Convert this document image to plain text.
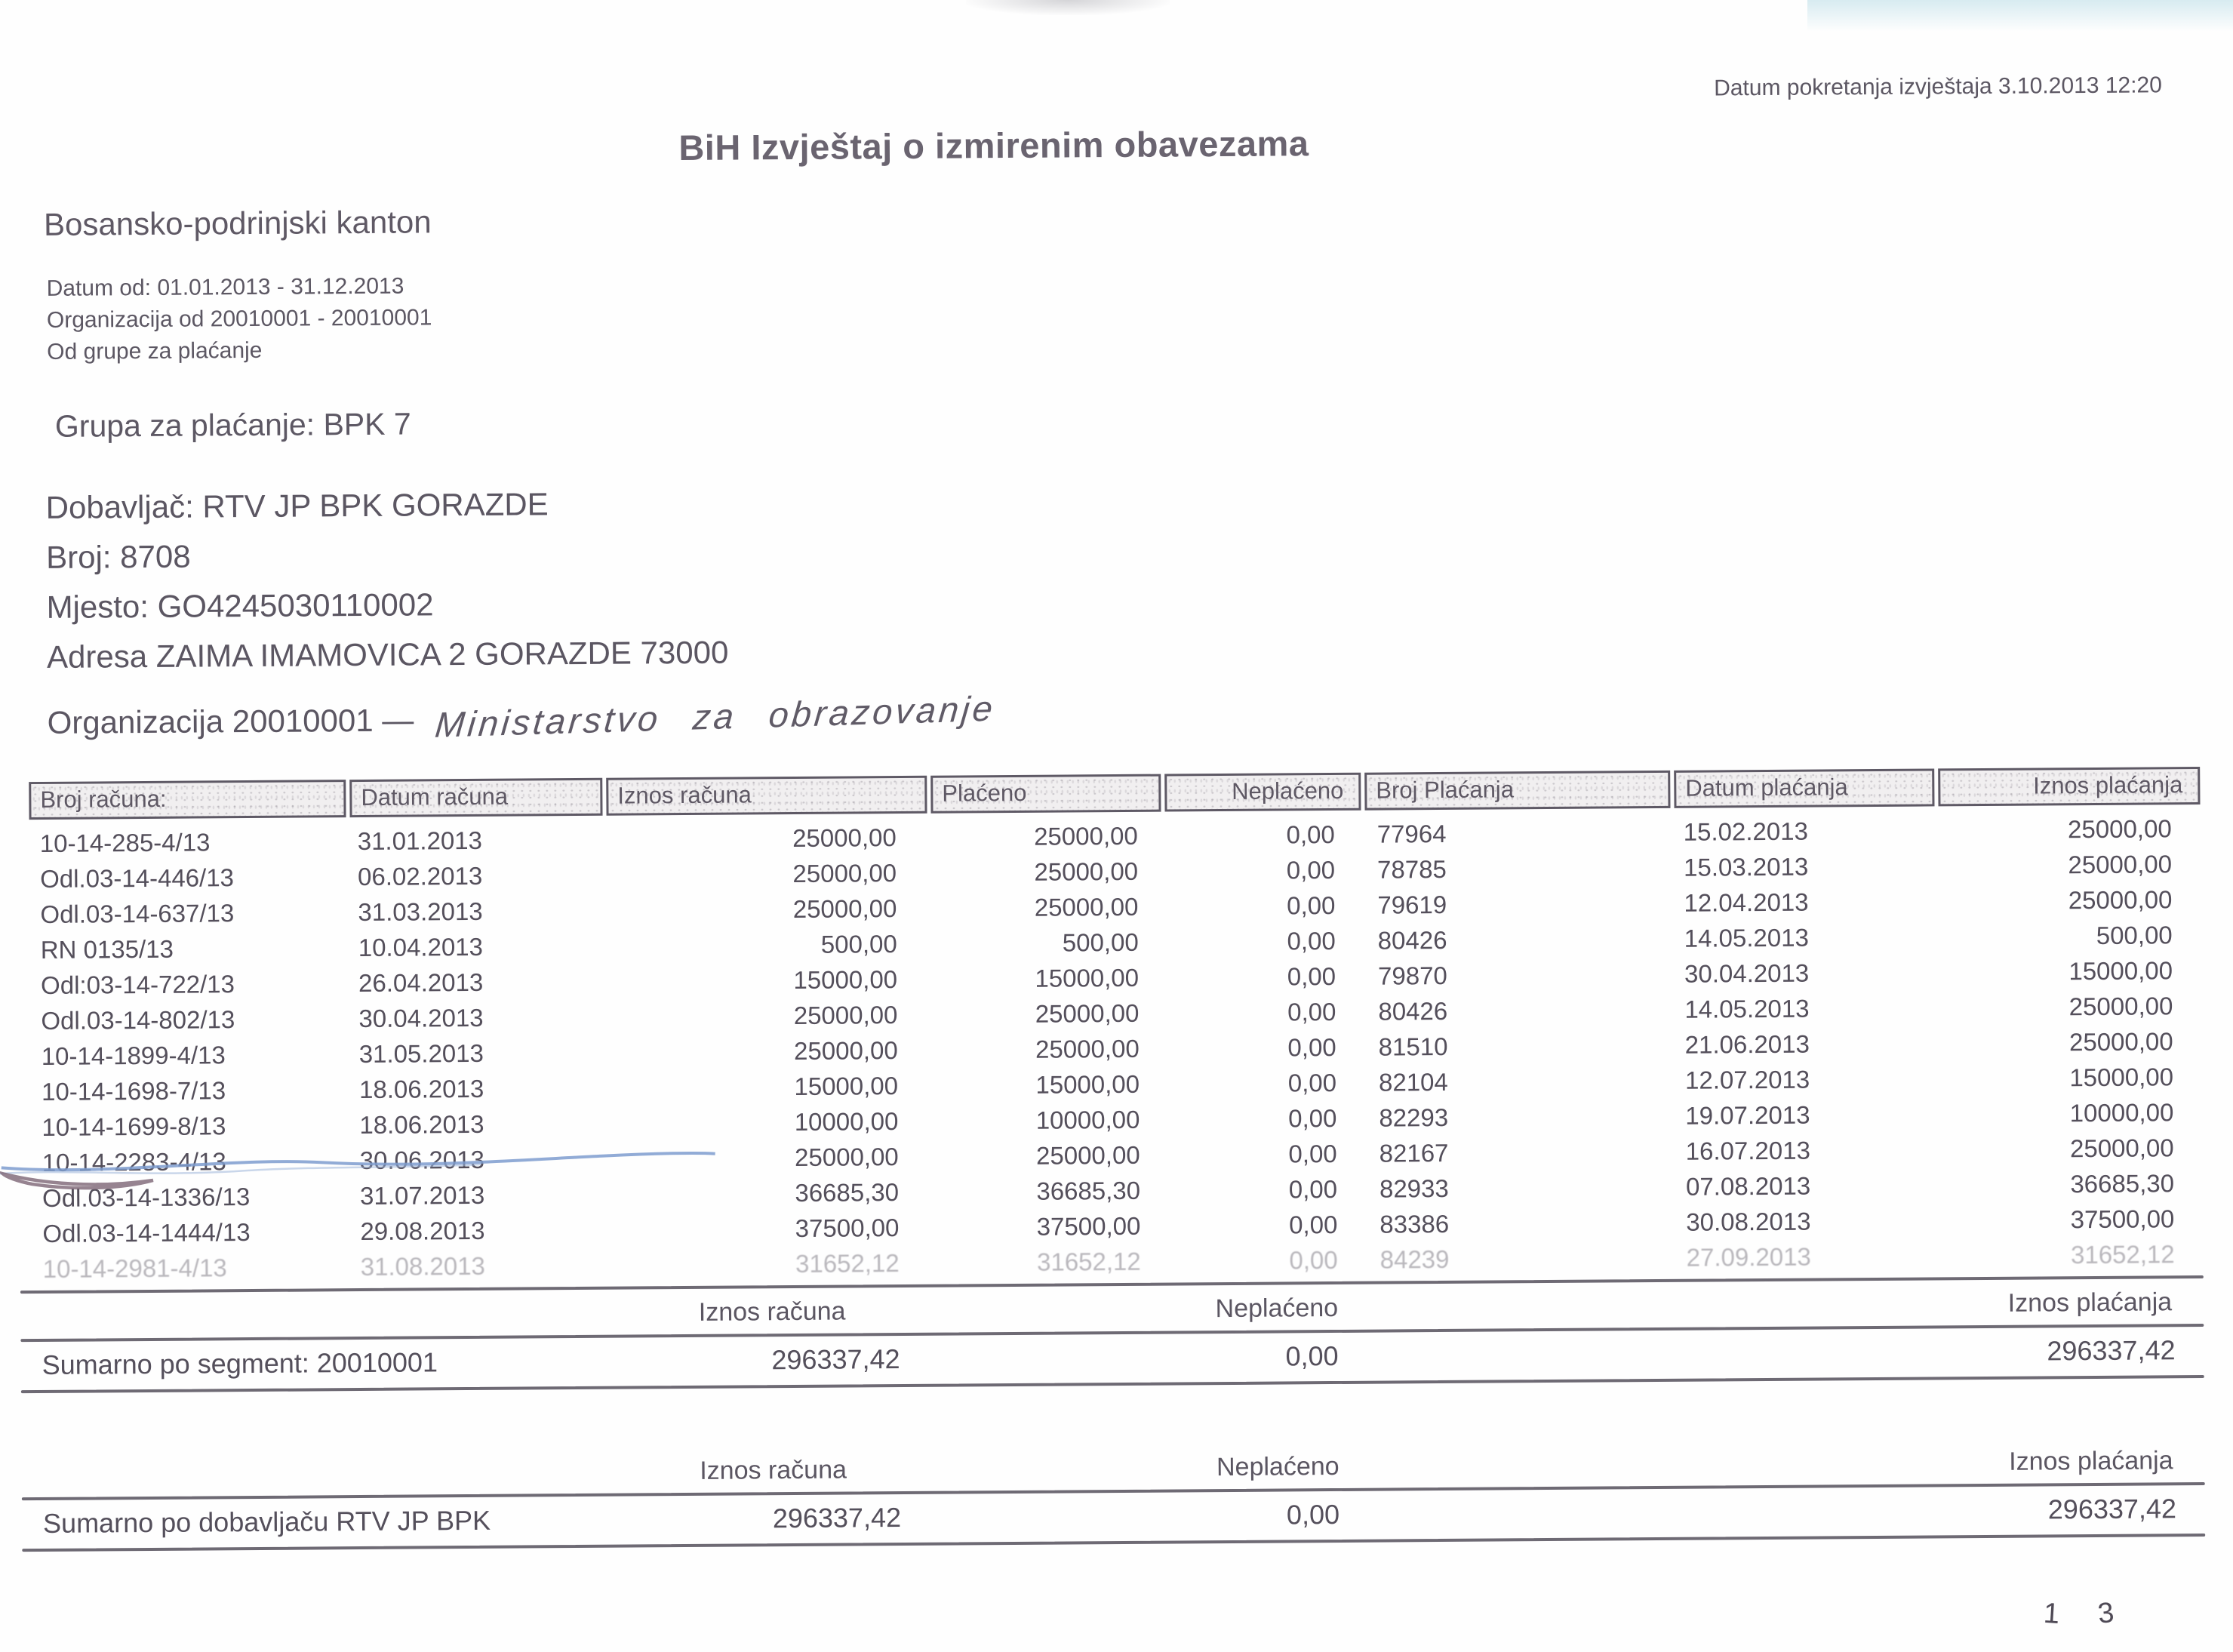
Datum pokretanja izvještaja 3.10.2013 12:20
BiH Izvještaj o izmirenim obavezama
Bosansko-podrinjski kanton
Datum od: 01.01.2013 - 31.12.2013
Organizacija od 20010001 - 20010001
Od grupe za plaćanje
Grupa za plaćanje: BPK 7
Dobavljač: RTV JP BPK GORAZDE
Broj: 8708
Mjesto: GO4245030110002
Adresa ZAIMA IMAMOVICA 2 GORAZDE 73000
Organizacija 20010001 — Ministarstvo za obrazovanje
Broj računa:	Datum računa	Iznos računa	Plaćeno	Neplaćeno	Broj Plaćanja	Datum plaćanja	Iznos plaćanja
10-14-285-4/13	31.01.2013	25000,00	25000,00	0,00	77964	15.02.2013	25000,00
Odl.03-14-446/13	06.02.2013	25000,00	25000,00	0,00	78785	15.03.2013	25000,00
Odl.03-14-637/13	31.03.2013	25000,00	25000,00	0,00	79619	12.04.2013	25000,00
RN 0135/13	10.04.2013	500,00	500,00	0,00	80426	14.05.2013	500,00
Odl:03-14-722/13	26.04.2013	15000,00	15000,00	0,00	79870	30.04.2013	15000,00
Odl.03-14-802/13	30.04.2013	25000,00	25000,00	0,00	80426	14.05.2013	25000,00
10-14-1899-4/13	31.05.2013	25000,00	25000,00	0,00	81510	21.06.2013	25000,00
10-14-1698-7/13	18.06.2013	15000,00	15000,00	0,00	82104	12.07.2013	15000,00
10-14-1699-8/13	18.06.2013	10000,00	10000,00	0,00	82293	19.07.2013	10000,00
10-14-2283-4/13	30.06.2013	25000,00	25000,00	0,00	82167	16.07.2013	25000,00
Odl.03-14-1336/13	31.07.2013	36685,30	36685,30	0,00	82933	07.08.2013	36685,30
Odl.03-14-1444/13	29.08.2013	37500,00	37500,00	0,00	83386	30.08.2013	37500,00
10-14-2981-4/13	31.08.2013	31652,12	31652,12	0,00	84239	27.09.2013	31652,12
Iznos računa	Neplaćeno	Iznos plaćanja
Sumarno po segment: 20010001	296337,42	0,00	296337,42
Iznos računa	Neplaćeno	Iznos plaćanja
Sumarno po dobavljaču RTV JP BPK	296337,42	0,00	296337,42
1 3
